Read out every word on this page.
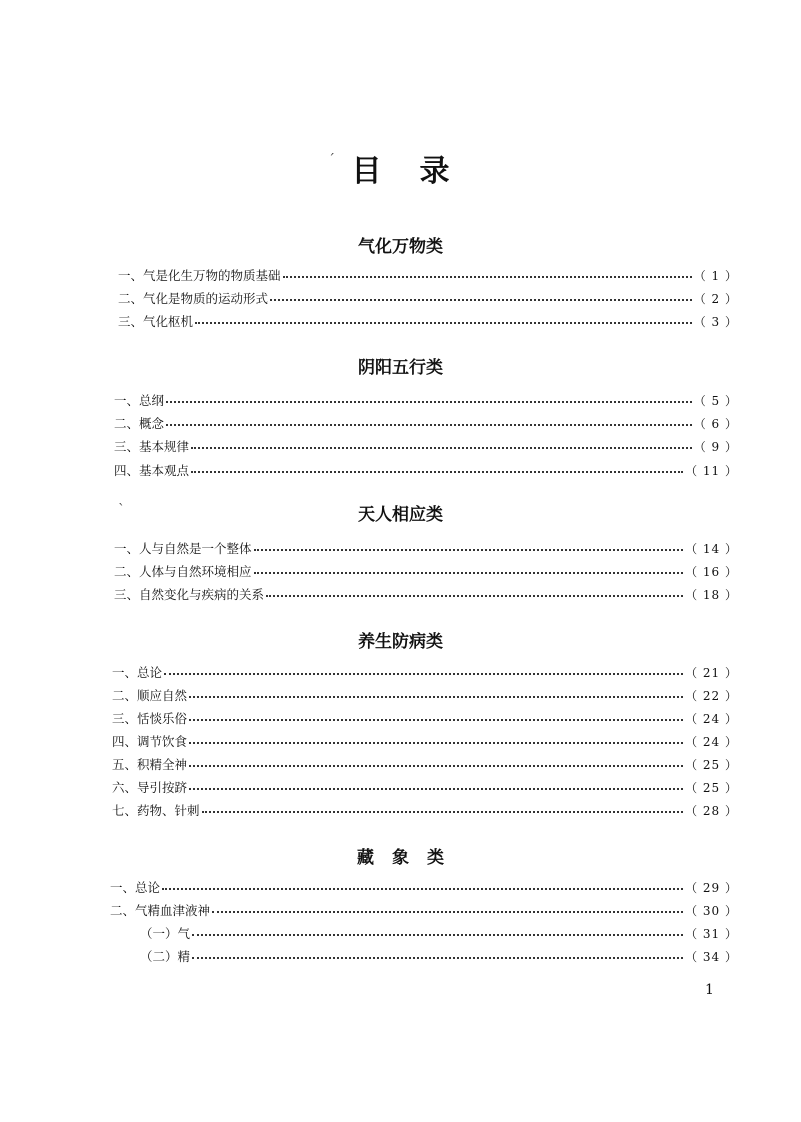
ˊ 目录
气化万物类
一、 气是化生万物的物质基础	（ 1 ）
二、 气化是物质的运动形式	（ 2 ）
三、 气化枢机	（ 3 ）
阴阳五行类
一、 总纲	（ 5 ）
二、 概念	（ 6 ）
三、 基本规律	（ 9 ）
四、 基本观点	（ 11 ）
ˋ	天人相应类
一、 人与自然是一个整体	（ 14 ）
二、 人体与自然环境相应	（ 16 ）
三、 自然变化与疾病的关系	（ 18 ）
养生防病类
一、 总论	（ 21 ）
二、 顺应自然	（ 22 ）
三、 恬惔乐俗	（ 24 ）
四、 调节饮食	（ 24 ）
五、 积精全神	（ 25 ）
六、 导引按跻	（ 25 ）
七、 药物、针刺	（ 28 ）
藏象类
一、 总论	（ 29 ）
二、 气精血津液神	（ 30 ）
（一） 气	（ 31 ）
（二） 精	（ 34 ）
1
